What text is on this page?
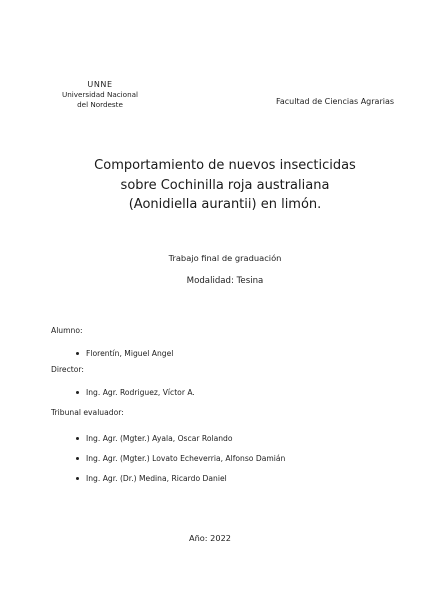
UNNE
Universidad Nacional
del Nordeste	Facultad de Ciencias Agrarias
Comportamiento de nuevos insecticidas
sobre Cochinilla roja australiana
(Aonidiella aurantii) en limón.
Trabajo final de graduación
Modalidad: Tesina
Alumno:
Florentín, Miguel Angel
Director:
Ing. Agr. Rodriguez, Víctor A.
Tribunal evaluador:
Ing. Agr. (Mgter.) Ayala, Oscar Rolando
Ing. Agr. (Mgter.) Lovato Echeverria, Alfonso Damián
Ing. Agr. (Dr.) Medina, Ricardo Daniel
Año: 2022
